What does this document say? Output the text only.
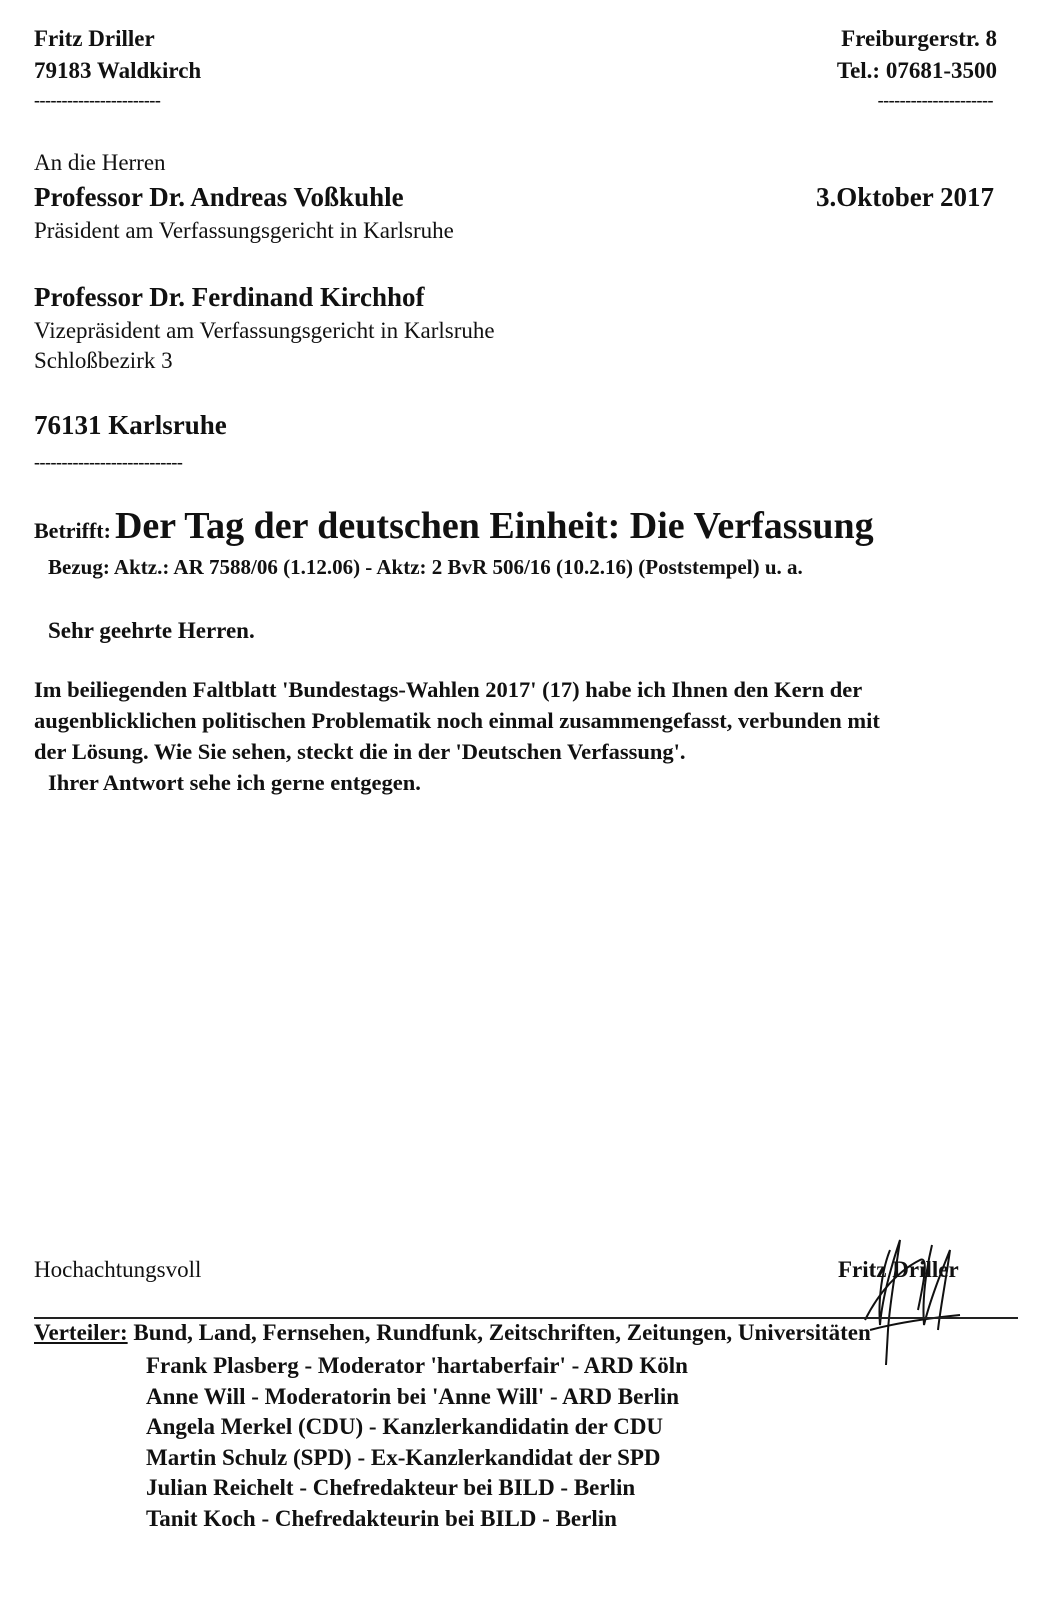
Fritz Driller
79183 Waldkirch
-----------------------
Freiburgerstr. 8
Tel.: 07681-3500
---------------------
An die Herren
Professor Dr. Andreas Voßkuhle	3.Oktober 2017
Präsident am Verfassungsgericht in Karlsruhe
Professor Dr. Ferdinand Kirchhof
Vizepräsident am Verfassungsgericht in Karlsruhe
Schloßbezirk 3
76131 Karlsruhe
---------------------------
Betrifft: Der Tag der deutschen Einheit: Die Verfassung
Bezug: Aktz.: AR 7588/06 (1.12.06) - Aktz: 2 BvR 506/16 (10.2.16) (Poststempel) u. a.
Sehr geehrte Herren.
Im beiliegenden Faltblatt 'Bundestags-Wahlen 2017' (17) habe ich Ihnen den Kern der
augenblicklichen politischen Problematik noch einmal zusammengefasst, verbunden mit
der Lösung. Wie Sie sehen, steckt die in der 'Deutschen Verfassung'.
Ihrer Antwort sehe ich gerne entgegen.
Hochachtungsvoll	Fritz Driller
Verteiler: Bund, Land, Fernsehen, Rundfunk, Zeitschriften, Zeitungen, Universitäten
Frank Plasberg - Moderator 'hartaberfair' - ARD Köln
Anne Will - Moderatorin bei 'Anne Will' - ARD Berlin
Angela Merkel (CDU) - Kanzlerkandidatin der CDU
Martin Schulz (SPD) - Ex-Kanzlerkandidat der SPD
Julian Reichelt - Chefredakteur bei BILD - Berlin
Tanit Koch - Chefredakteurin bei BILD - Berlin
